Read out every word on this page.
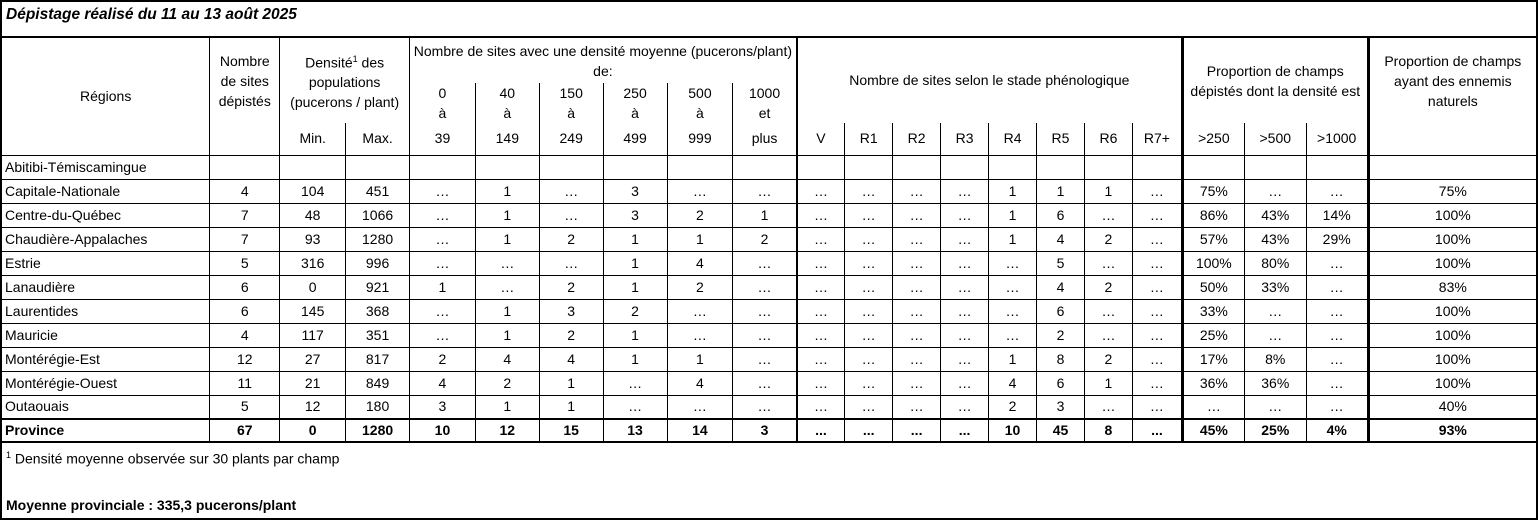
Dépistage réalisé du 11 au 13 août 2025
Régions	Nombre de sites dépistés	Densité$^1$ des populations (pucerons / plant)		Nombre de sites avec une densité moyenne (pucerons/plant) de:						Nombre de sites selon le stade phénologique								Proportion de champs dépistés dont la densité est			Proportion de champs ayant des ennemis naturels
				0	40	150	250	500	1000												
				à	à	à	à	à	et												
		Min.	Max.	39	149	249	499	999	plus	V	R1	R2	R3	R4	R5	R6	R7+	>250	>500	>1000	
Abitibi-Témiscamingue																					
Capitale-Nationale	4	104	451	…	1	…	3	…	…	…	…	…	…	1	1	1	…	75%	…	…	75%
Centre-du-Québec	7	48	1066	…	1	…	3	2	1	…	…	…	…	1	6	…	…	86%	43%	14%	100%
Chaudière-Appalaches	7	93	1280	…	1	2	1	1	2	…	…	…	…	1	4	2	…	57%	43%	29%	100%
Estrie	5	316	996	…	…	…	1	4	…	…	…	…	…	…	5	…	…	100%	80%	…	100%
Lanaudière	6	0	921	1	…	2	1	2	…	…	…	…	…	…	4	2	…	50%	33%	…	83%
Laurentides	6	145	368	…	1	3	2	…	…	…	…	…	…	…	6	…	…	33%	…	…	100%
Mauricie	4	117	351	…	1	2	1	…	…	…	…	…	…	…	2	…	…	25%	…	…	100%
Montérégie-Est	12	27	817	2	4	4	1	1	…	…	…	…	…	1	8	2	…	17%	8%	…	100%
Montérégie-Ouest	11	21	849	4	2	1	…	4	…	…	…	…	…	4	6	1	…	36%	36%	…	100%
Outaouais	5	12	180	3	1	1	…	…	…	…	…	…	…	2	3	…	…	…	…	…	40%
Province	67	0	1280	10	12	15	13	14	3	...	...	...	...	10	45	8	...	45%	25%	4%	93%
$^1$ Densité moyenne observée sur 30 plants par champ
Moyenne provinciale : 335,3 pucerons/plant
